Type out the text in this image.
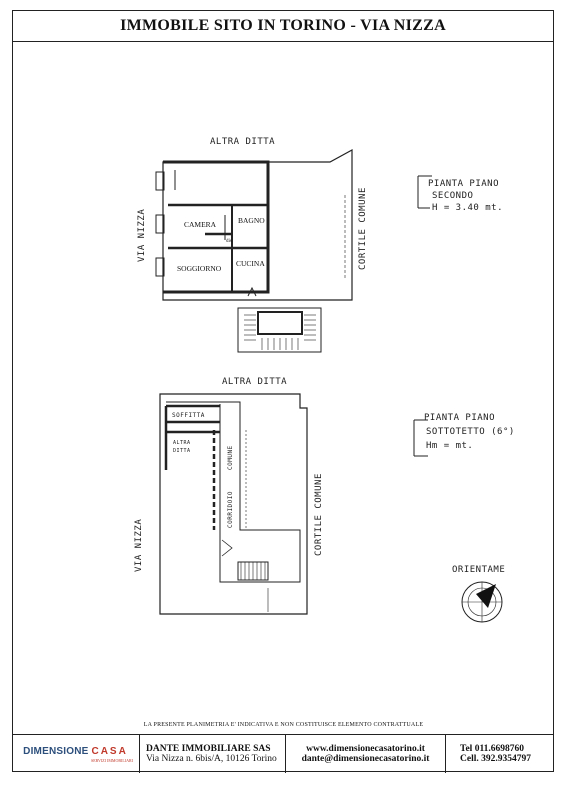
IMMOBILE SITO IN TORINO - VIA NIZZA
ALTRA DITTA
VIA NIZZA	CORTILE COMUNE
CAMERA	BAGNO
SOGGIORNO
CUCINA
dis
PIANTA PIANO
SECONDO
H = 3.40 mt.
ALTRA DITTA
VIA NIZZA	CORTILE COMUNE
SOFFITTA
ALTRA
DITTA
CORRIDOIO
COMUNE
PIANTA PIANO
SOTTOTETTO (6°)
Hm = mt.
ORIENTAME
LA PRESENTE PLANIMETRIA E' INDICATIVA E NON COSTITUISCE ELEMENTO CONTRATTUALE
DIMENSIONE CASA
SERVIZI IMMOBILIARI
DANTE IMMOBILIARE SAS
Via Nizza n. 6bis/A, 10126 Torino
www.dimensionecasatorino.it
dante@dimensionecasatorino.it
Tel 011.6698760
Cell. 392.9354797
